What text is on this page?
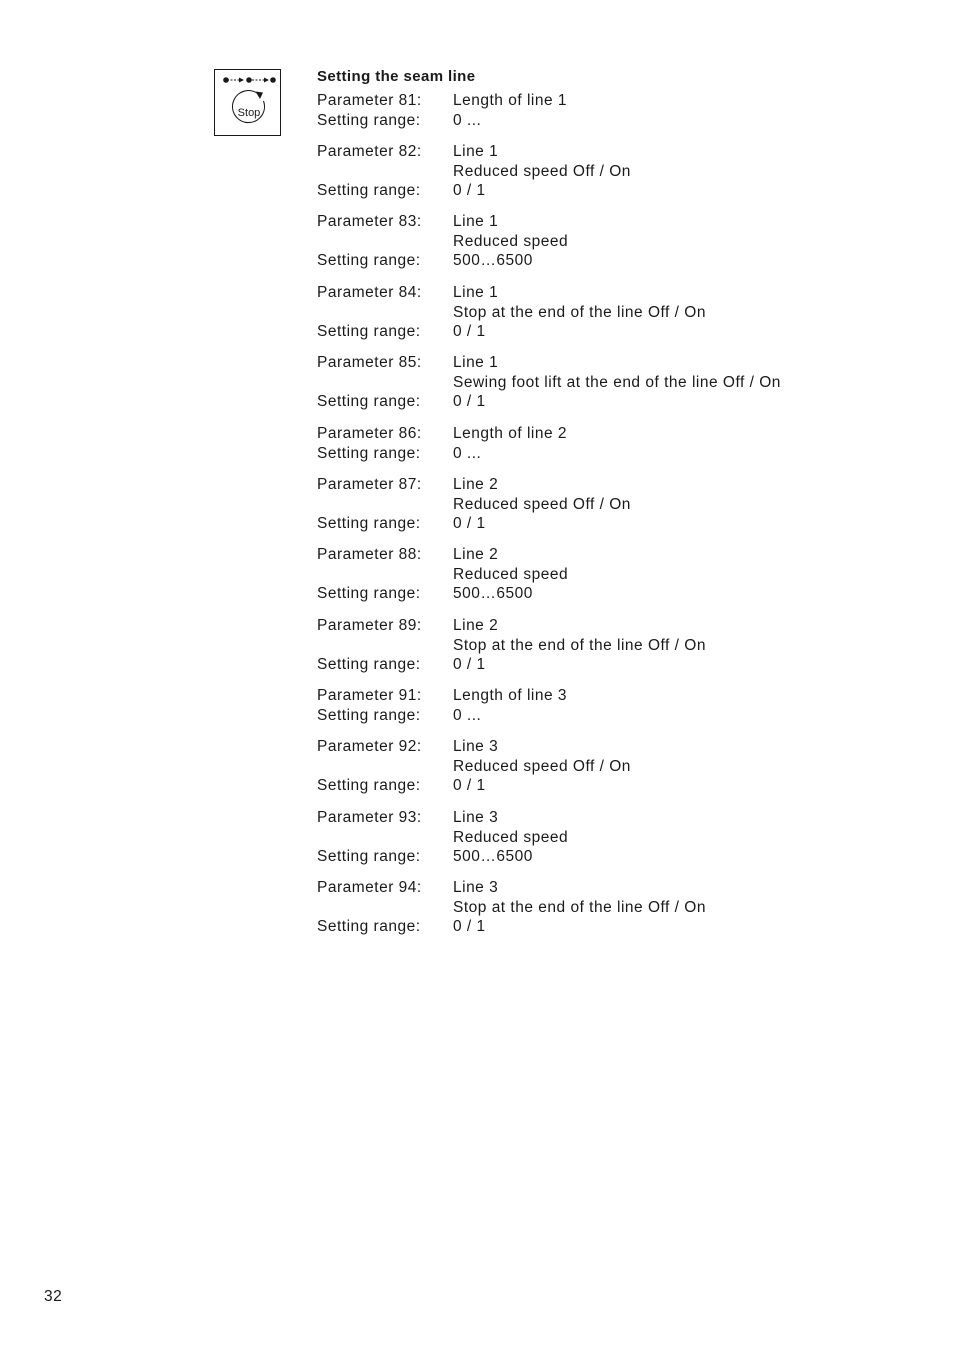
Stop
Setting the seam line
Parameter 81: Length of line 1
Setting range: 0 ...
Parameter 82: Line 1
Reduced speed Off / On
Setting range: 0 / 1
Parameter 83: Line 1
Reduced speed
Setting range: 500…6500
Parameter 84: Line 1
Stop at the end of the line Off / On
Setting range: 0 / 1
Parameter 85: Line 1
Sewing foot lift at the end of the line Off / On
Setting range: 0 / 1
Parameter 86: Length of line 2
Setting range: 0 ...
Parameter 87: Line 2
Reduced speed Off / On
Setting range: 0 / 1
Parameter 88: Line 2
Reduced speed
Setting range: 500…6500
Parameter 89: Line 2
Stop at the end of the line Off / On
Setting range: 0 / 1
Parameter 91: Length of line 3
Setting range: 0 ...
Parameter 92: Line 3
Reduced speed Off / On
Setting range: 0 / 1
Parameter 93: Line 3
Reduced speed
Setting range: 500…6500
Parameter 94: Line 3
Stop at the end of the line Off / On
Setting range: 0 / 1
32
